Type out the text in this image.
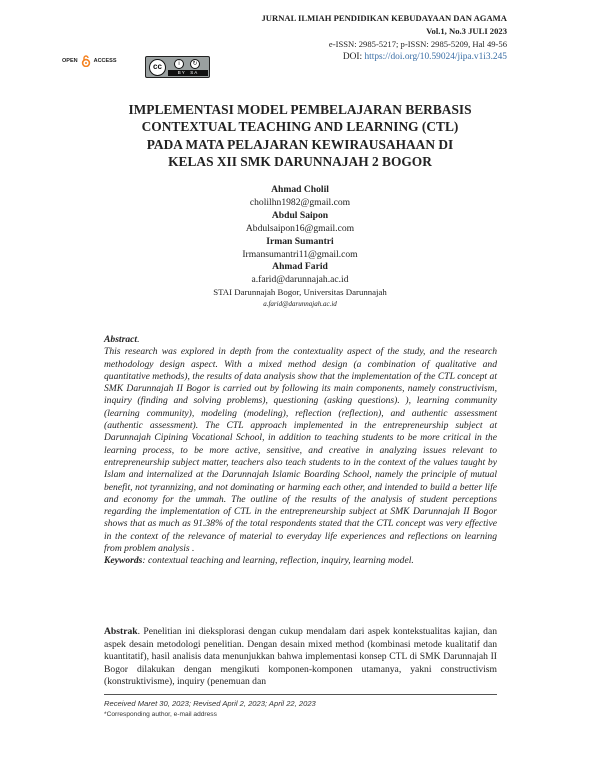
JURNAL ILMIAH PENDIDIKAN KEBUDAYAAN DAN AGAMA
Vol.1, No.3 JULI 2023
e-ISSN: 2985-5217; p-ISSN: 2985-5209, Hal 49-56
DOI: https://doi.org/10.59024/jipa.v1i3.245
OPEN	ACCESS
cc	i	↻
BY SA
IMPLEMENTASI MODEL PEMBELAJARAN BERBASIS
CONTEXTUAL TEACHING AND LEARNING (CTL)
PADA MATA PELAJARAN KEWIRAUSAHAAN DI
KELAS XII SMK DARUNNAJAH 2 BOGOR
Ahmad Cholil
cholilhn1982@gmail.com
Abdul Saipon
Abdulsaipon16@gmail.com
Irman Sumantri
Irmansumantri11@gmail.com
Ahmad Farid
a.farid@darunnajah.ac.id
STAI Darunnajah Bogor, Universitas Darunnajah
a.farid@darunnajah.ac.id

Abstract.

This research was explored in depth from the contextuality aspect of the study, and the research methodology design aspect. With a mixed method design (a combination of qualitative and quantitative methods), the results of data analysis show that the implementation of the CTL concept at SMK Darunnajah II Bogor is carried out by following its main components, namely constructivism, inquiry (finding and solving problems), questioning (asking questions). ), learning community (learning community), modeling (modeling), reflection (reflection), and authentic assessment (authentic assessment). The CTL approach implemented in the entrepreneurship subject at Darunnajah Cipining Vocational School, in addition to teaching students to be more critical in the learning process, to be more active, sensitive, and creative in analyzing issues relevant to entrepreneurship subject matter, teachers also teach students to in the context of the values taught by Islam and internalized at the Darunnajah Islamic Boarding School, namely the principle of mutual benefit, not tyrannizing, and not dominating or harming each other, and intended to build a better life and economy for the ummah. The outline of the results of the analysis of student perceptions regarding the implementation of CTL in the entrepreneurship subject at SMK Darunnajah II Bogor shows that as much as 91.38% of the total respondents stated that the CTL concept was very effective in the context of the relevance of material to everyday life experiences and reflections on learning from problem analysis .

Keywords: contextual teaching and learning, reflection, inquiry, learning model.

Abstrak. Penelitian ini dieksplorasi dengan cukup mendalam dari aspek kontekstualitas kajian, dan aspek desain metodologi penelitian. Dengan desain mixed method (kombinasi metode kualitatif dan kuantitatif), hasil analisis data menunjukkan bahwa implementasi konsep CTL di SMK Darunnajah II Bogor dilakukan dengan mengikuti komponen-komponen utamanya, yakni constructivism (konstruktivisme), inquiry (penemuan dan
Received Maret 30, 2023; Revised April 2, 2023; April 22, 2023
*Corresponding author, e-mail address
